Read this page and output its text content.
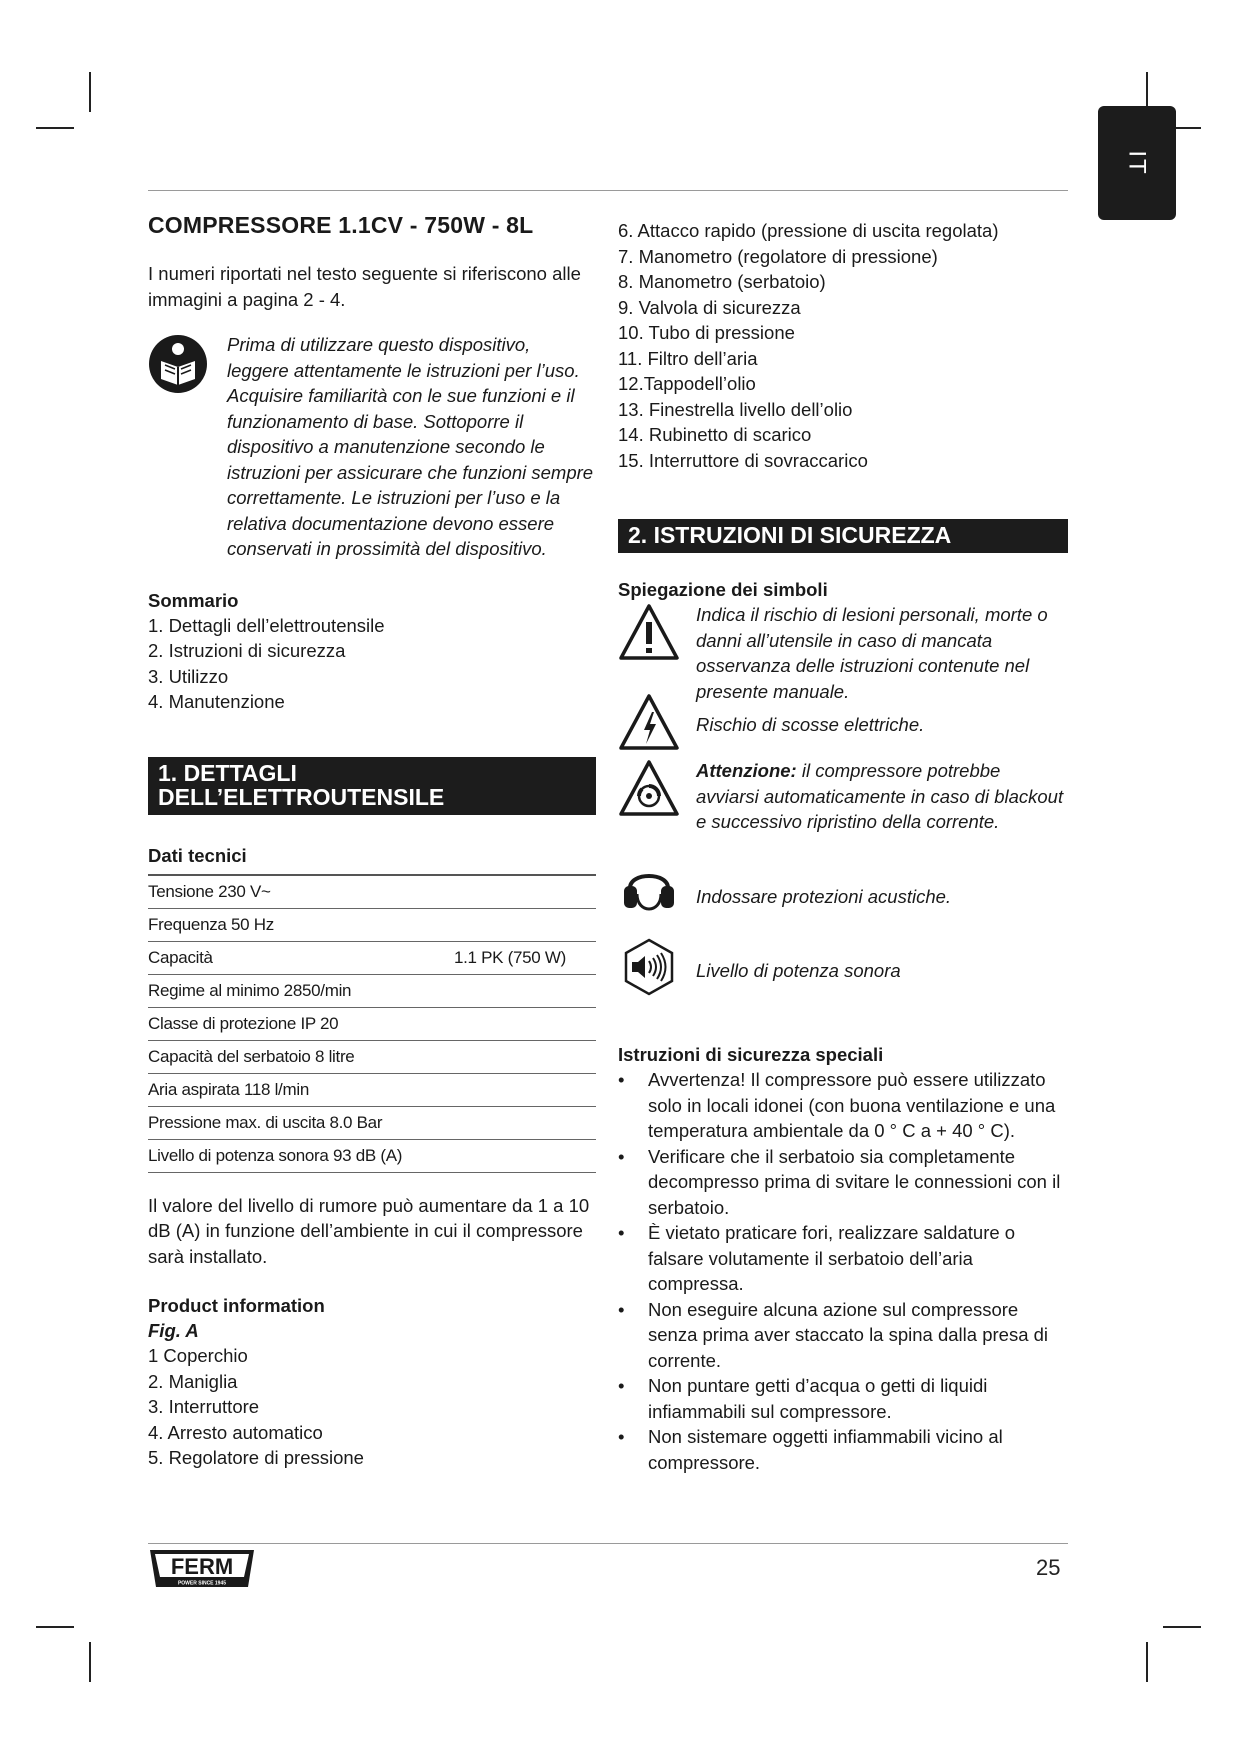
IT
COMPRESSORE 1.1CV - 750W - 8L

I numeri riportati nel testo seguente si riferiscono alle immagini a pagina 2 - 4.

Prima di utilizzare questo dispositivo, leggere attentamente le istruzioni per l’uso. Acquisire familiarità con le sue funzioni e il funzionamento di base. Sottoporre il dispositivo a manutenzione secondo le istruzioni per assicurare che funzioni sempre correttamente. Le istruzioni per l’uso e la relativa documentazione devono essere conservati in prossimità del dispositivo.

Sommario

1. Dettagli dell’elettroutensile
2. Istruzioni di sicurezza
3. Utilizzo
4. Manutenzione
1. DETTAGLI
DELL’ELETTROUTENSILE

Dati tecnici

Tensione 230 V~
Frequenza 50 Hz
Capacità	1.1 PK (750 W)
Regime al minimo 2850/min
Classe di protezione IP 20
Capacità del serbatoio 8 litre
Aria aspirata 118 l/min
Pressione max. di uscita 8.0 Bar
Livello di potenza sonora 93 dB (A)

Il valore del livello di rumore può aumentare da 1 a 10 dB (A) in funzione dell’ambiente in cui il compressore sarà installato.

Product information

Fig. A

1 Coperchio
2. Maniglia
3. Interruttore
4. Arresto automatico
5. Regolatore di pressione
6. Attacco rapido (pressione di uscita regolata)
7. Manometro (regolatore di pressione)
8. Manometro (serbatoio)
9. Valvola di sicurezza
10. Tubo di pressione
11. Filtro dell’aria
12.Tappodell’olio
13. Finestrella livello dell’olio
14. Rubinetto di scarico
15. Interruttore di sovraccarico
2. ISTRUZIONI DI SICUREZZA

Spiegazione dei simboli

Indica il rischio di lesioni personali, morte o danni all’utensile in caso di mancata osservanza delle istruzioni contenute nel presente manuale.

Rischio di scosse elettriche.

Attenzione: il compressore potrebbe avviarsi automaticamente in caso di blackout e successivo ripristino della corrente.

Indossare protezioni acustiche.

Livello di potenza sonora

Istruzioni di sicurezza speciali

• Avvertenza! Il compressore può essere utilizzato solo in locali idonei (con buona ventilazione e una temperatura ambientale da 0 ° C a + 40 ° C).
• Verificare che il serbatoio sia completamente decompresso prima di svitare le connessioni con il serbatoio.
• È vietato praticare fori, realizzare saldature o falsare volutamente il serbatoio dell’aria compressa.
• Non eseguire alcuna azione sul compressore senza prima aver staccato la spina dalla presa di corrente.
• Non puntare getti d’acqua o getti di liquidi infiammabili sul compressore.
• Non sistemare oggetti infiammabili vicino al compressore.
FERM
POWER SINCE 1945
25
